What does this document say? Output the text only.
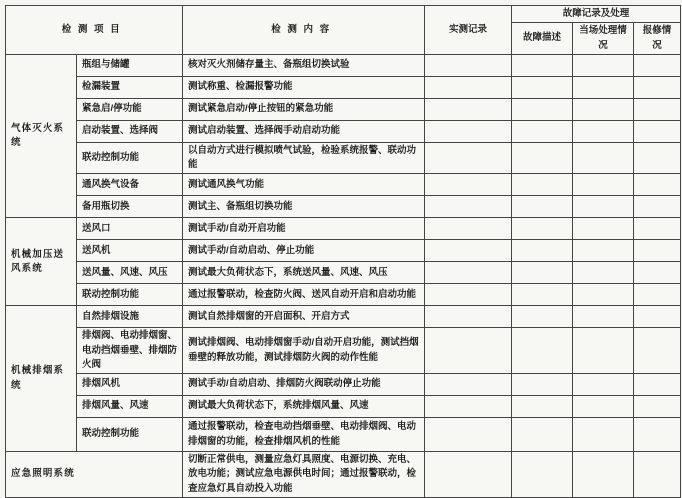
检测项目		检测内容	实测记录	故障记录及处理		
				故障描述	当场处理情况	报修情况
气体灭火系统	瓶组与储罐	核对灭火剂储存量主、备瓶组切换试验				
	检漏装置	测试称重、检漏报警功能				
	紧急启/停功能	测试紧急启动/停止按钮的紧急功能				
	启动装置、选择阀	测试启动装置、选择阀手动启动功能				
	联动控制功能	以自动方式进行模拟喷气试验，检验系统报警、联动功能				
	通风换气设备	测试通风换气功能				
	备用瓶切换	测试主、备瓶组切换功能				
机械加压送风系统	送风口	测试手动/自动开启功能				
	送风机	测试手动/自动启动、停止功能				
	送风量、风速、风压	测试最大负荷状态下，系统送风量、风速、风压				
	联动控制功能	通过报警联动，检查防火阀、送风自动开启和启动功能				
机械排烟系统	自然排烟设施	测试自然排烟窗的开启面积、开启方式				
	排烟阀、电动排烟窗、电动挡烟垂壁、排烟防火阀	测试排烟阀、电动排烟窗手动/自动开启功能，测试挡烟垂壁的释放功能，测试排烟防火阀的动作性能				
	排烟风机	测试手动/自动启动、排烟防火阀联动停止功能				
	排烟风量、风速	测试最大负荷状态下，系统排烟风量、风速				
	联动控制功能	通过报警联动，检查电动挡烟垂壁、电动排烟阀、电动排烟窗的功能，检查排烟风机的性能				
应急照明系统		切断正常供电，测量应急灯具照度、电源切换、充电、放电功能；测试应急电源供电时间；通过报警联动，检查应急灯具自动投入功能				
